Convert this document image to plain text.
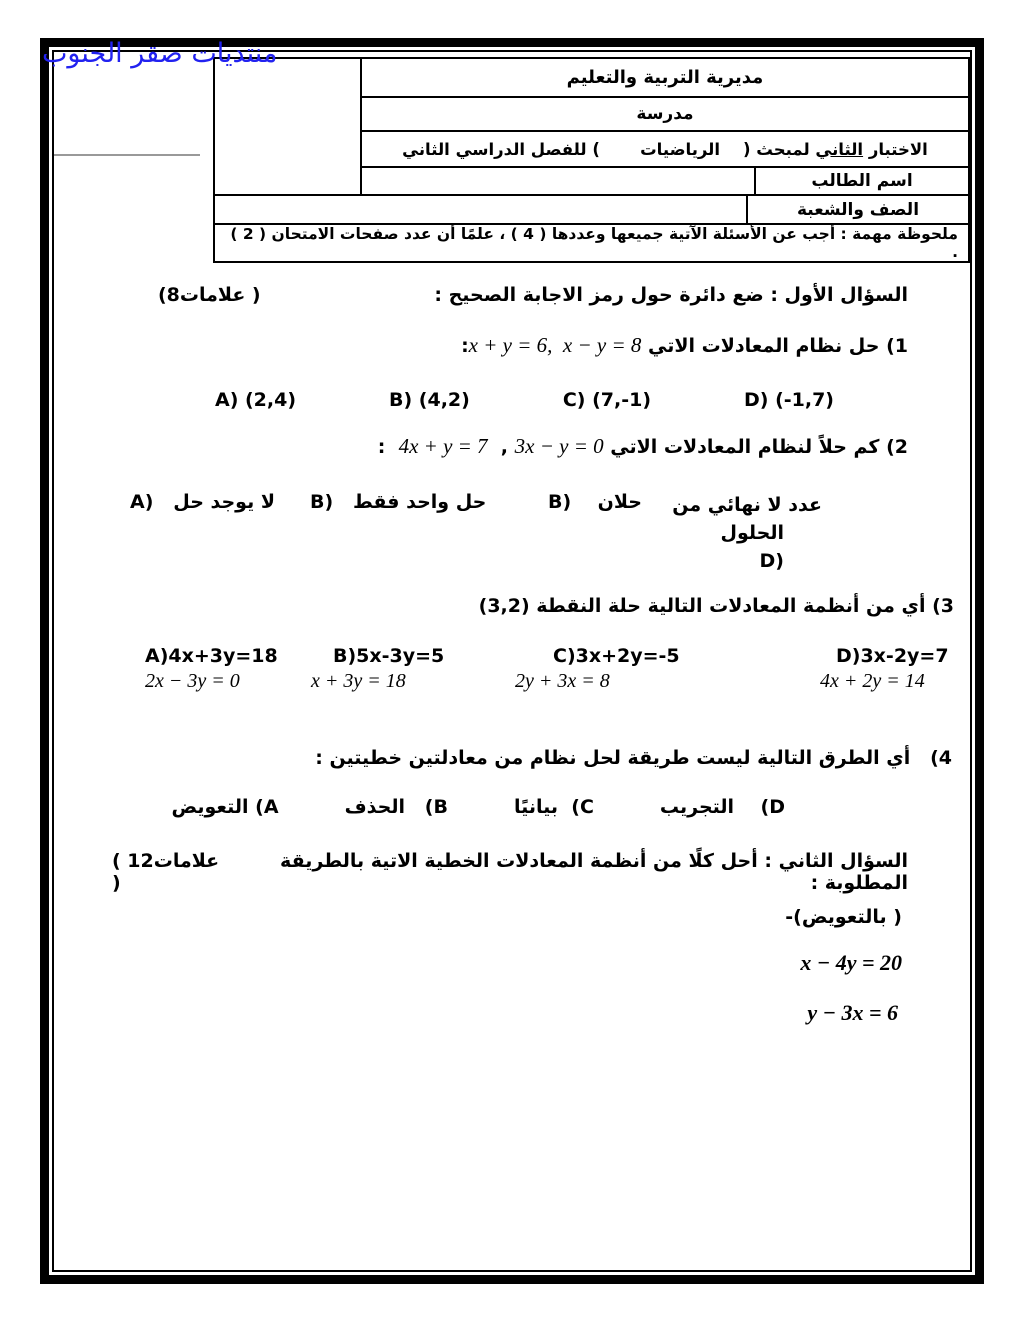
منتديات صقر الجنوب
مديرية التربية والتعليم
مدرسة
الاختبار
الثاني
لمبحث (    الرياضيات       ) للفصل الدراسي الثاني
اسم الطالب
الصف والشعبة
ملحوظة مهمة : أجب عن الأسئلة الآتية جميعها وعددها ( 4 ) ، علمًا أن عدد صفحات الامتحان ( 2 ) .
السؤال الأول : ضع دائرة حول رمز الاجابة الصحيح :
(8علامات )
1) حل نظام المعادلات الاتي x + y = 6,  x − y = 8:
A) (2,4)	B) (4,2)	C) (7,-1)	D) (-1,7)
2) كم حلاً لنظام المعادلات الاتي 3x − y = 0 ,  4x + y = 7  :
A)   لا يوجد حل B)   حل واحد فقط	B)    حلان	عدد لا نهائي من
الحلول
D)
3) أي من أنظمة المعادلات التالية حلة النقطة (3,2)
A)4x+3y=18
2x − 3y = 0
B)5x-3y=5
x + 3y = 18
C)3x+2y=-5
2y + 3x = 8
D)3x-2y=7
4x + 2y = 14
4)   أي الطرق التالية ليست طريقة لحل نظام من معادلتين خطيتين :
D)    التجريب
C)  بيانيًا
B)   الحذف
A) التعويض
السؤال الثاني : أحل كلًا من أنظمة المعادلات الخطية الاتية بالطريقة المطلوبة :
( 12علامات )
-(بالتعويض )
x − 4y = 20
y − 3x = 6
